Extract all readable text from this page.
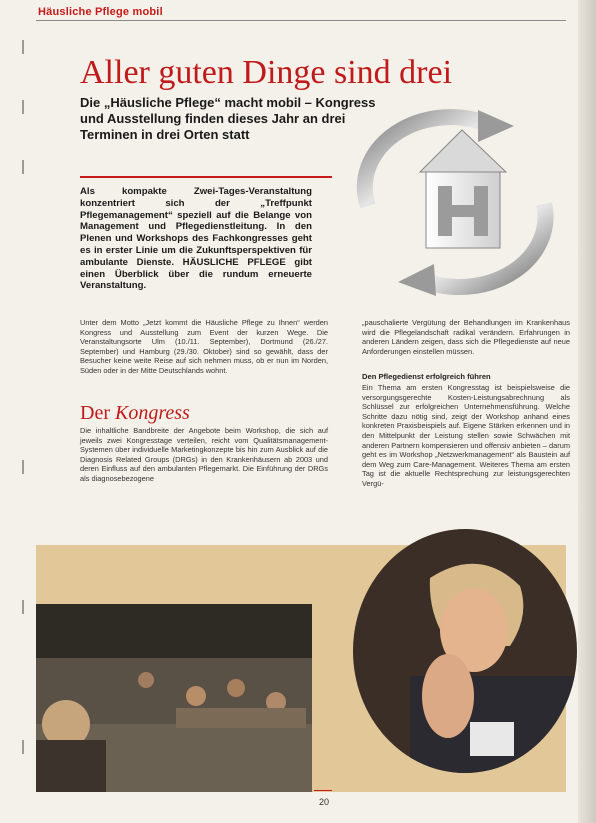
Häusliche Pflege mobil
Aller guten Dinge sind drei
Die „Häusliche Pflege“ macht mobil – Kongress und Ausstellung finden dieses Jahr an drei Terminen in drei Orten statt
Als kompakte Zwei-Tages-Veranstaltung konzentriert sich der „Treffpunkt Pflegemanagement“ speziell auf die Belange von Management und Pflegedienstleitung. In den Plenen und Workshops des Fachkongresses geht es in erster Linie um die Zukunftsperspektiven für ambulante Dienste. HÄUSLICHE PFLEGE gibt einen Überblick über die rundum erneuerte Veranstaltung.
Unter dem Motto „Jetzt kommt die Häusliche Pflege zu Ihnen“ werden Kongress und Ausstellung zum Event der kurzen Wege. Die Veranstaltungsorte Ulm (10./11. September), Dortmund (26./27. September) und Hamburg (29./30. Oktober) sind so gewählt, dass der Besucher keine weite Reise auf sich nehmen muss, ob er nun im Norden, Süden oder in der Mitte Deutschlands wohnt.
Der Kongress
Die inhaltliche Bandbreite der Angebote beim Workshop, die sich auf jeweils zwei Kongresstage verteilen, reicht vom Qualitätsmanagement-Systemen über individuelle Marketingkonzepte bis hin zum Ausblick auf die Diagnosis Related Groups (DRGs) in den Krankenhäusern ab 2003 und deren Einfluss auf den ambulanten Pflegemarkt. Die Einführung der DRGs als diagnosebezogene
„pauschalierte Vergütung der Behandlungen im Krankenhaus wird die Pflegelandschaft radikal verändern. Erfahrungen in anderen Ländern zeigen, dass sich die Pflegedienste auf neue Anforderungen einstellen müssen.
Den Pflegedienst erfolgreich führen
Ein Thema am ersten Kongresstag ist beispielsweise die versorgungsgerechte Kosten-Leistungsabrechnung als Schlüssel zur erfolgreichen Unternehmensführung. Welche Schritte dazu nötig sind, zeigt der Workshop anhand eines konkreten Praxisbeispiels auf. Eigene Stärken erkennen und in den Mittelpunkt der Leistung stellen sowie Schwächen mit anderen Partnern kompensieren und offensiv anbieten – darum geht es im Workshop „Netzwerkmanagement“ als Baustein auf dem Weg zum Care-Management. Weiteres Thema am ersten Tag ist die aktuelle Rechtsprechung zur leistungsgerechten Vergü-
20
